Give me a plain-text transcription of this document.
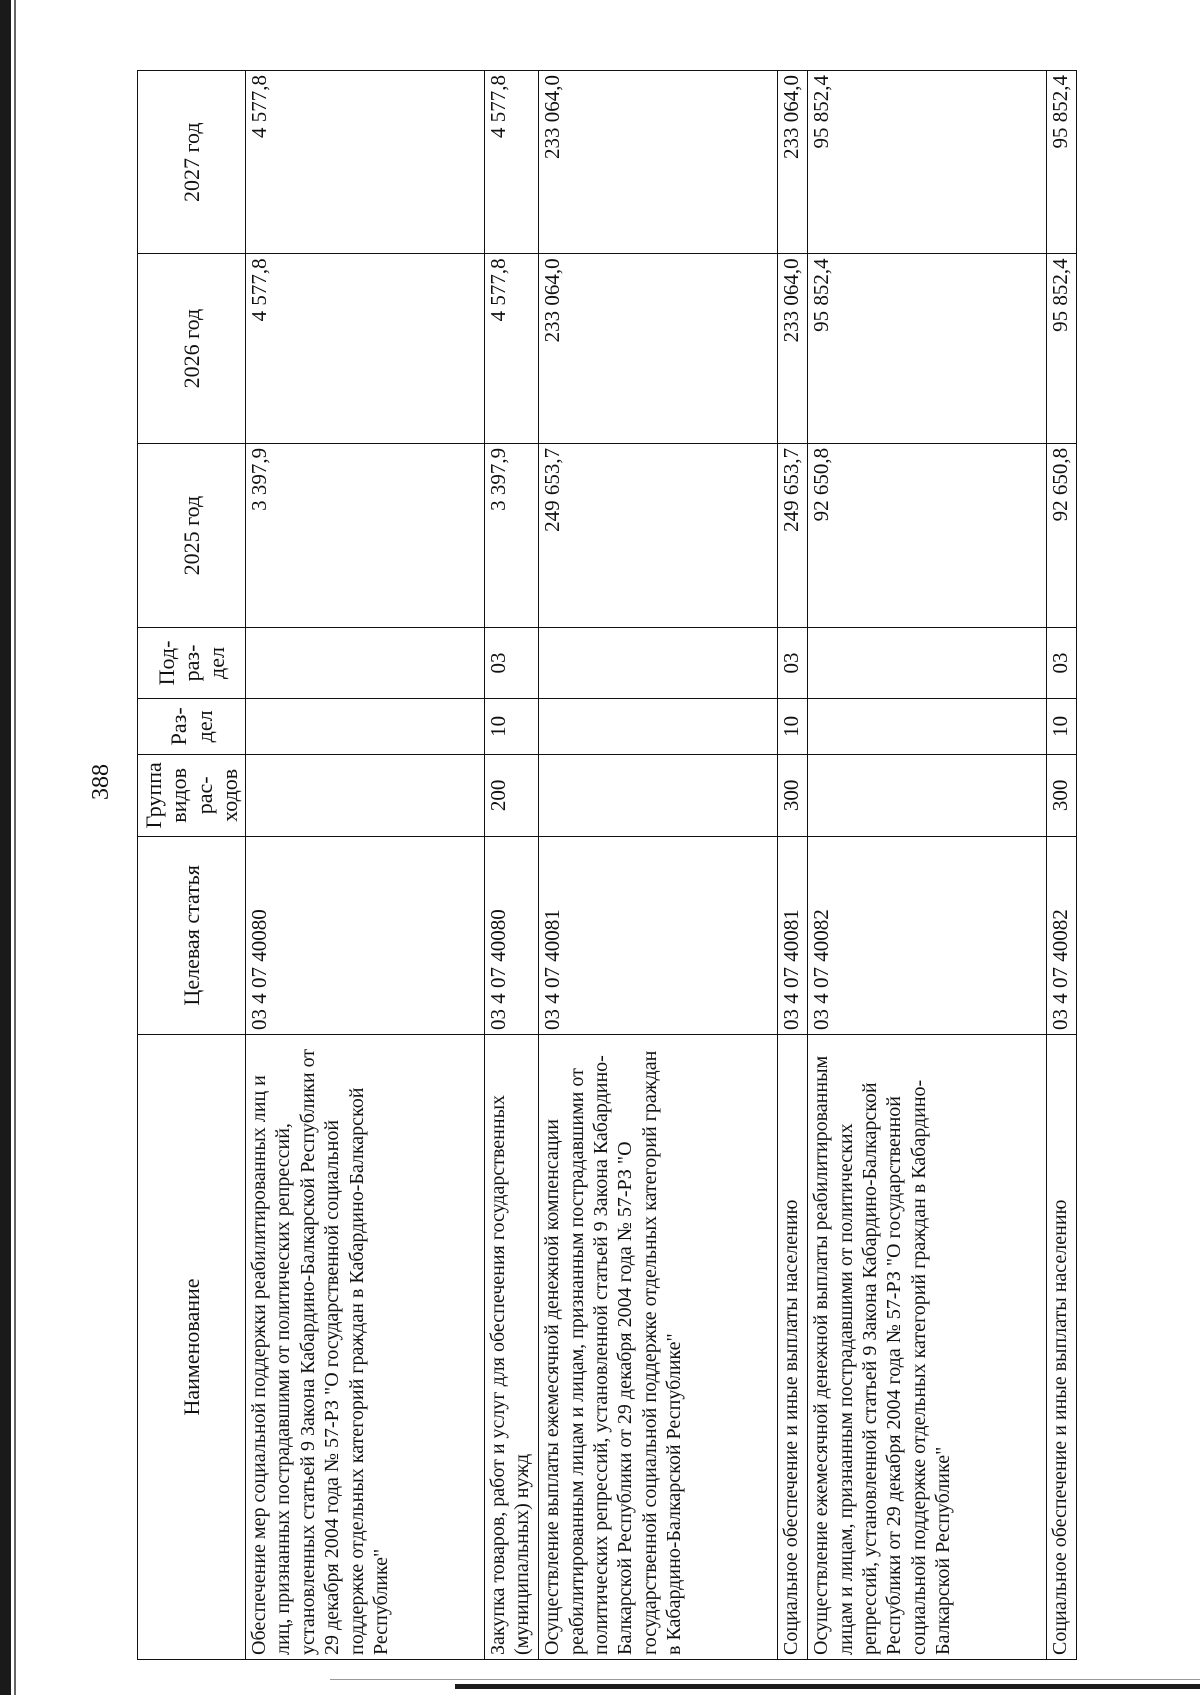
388
Наименование	Целевая статья	Группа видов рас-ходов	Раз-дел	Под-раз-дел	2025 год	2026 год	2027 год
Обеспечение мер социальной поддержки реабилитированных лиц и лиц, признанных пострадавшими от политических репрессий, установленных статьей 9 Закона Кабардино-Балкарской Республики от 29 декабря 2004 года № 57-РЗ "О государственной социальной поддержке отдельных категорий граждан в Кабардино-Балкарской Республике"	03 4 07 40080				3 397,9	4 577,8	4 577,8
Закупка товаров, работ и услуг для обеспечения государственных (муниципальных) нужд	03 4 07 40080	200	10	03	3 397,9	4 577,8	4 577,8
Осуществление выплаты ежемесячной денежной компенсации реабилитированным лицам и лицам, признанным пострадавшими от политических репрессий, установленной статьей 9 Закона Кабардино-Балкарской Республики от 29 декабря 2004 года № 57-РЗ "О государственной социальной поддержке отдельных категорий граждан в Кабардино-Балкарской Республике"	03 4 07 40081				249 653,7	233 064,0	233 064,0
Социальное обеспечение и иные выплаты населению	03 4 07 40081	300	10	03	249 653,7	233 064,0	233 064,0
Осуществление ежемесячной денежной выплаты реабилитированным лицам и лицам, признанным пострадавшими от политических репрессий, установленной статьей 9 Закона Кабардино-Балкарской Республики от 29 декабря 2004 года № 57-РЗ "О государственной социальной поддержке отдельных категорий граждан в Кабардино-Балкарской Республике"	03 4 07 40082				92 650,8	95 852,4	95 852,4
Социальное обеспечение и иные выплаты населению	03 4 07 40082	300	10	03	92 650,8	95 852,4	95 852,4
